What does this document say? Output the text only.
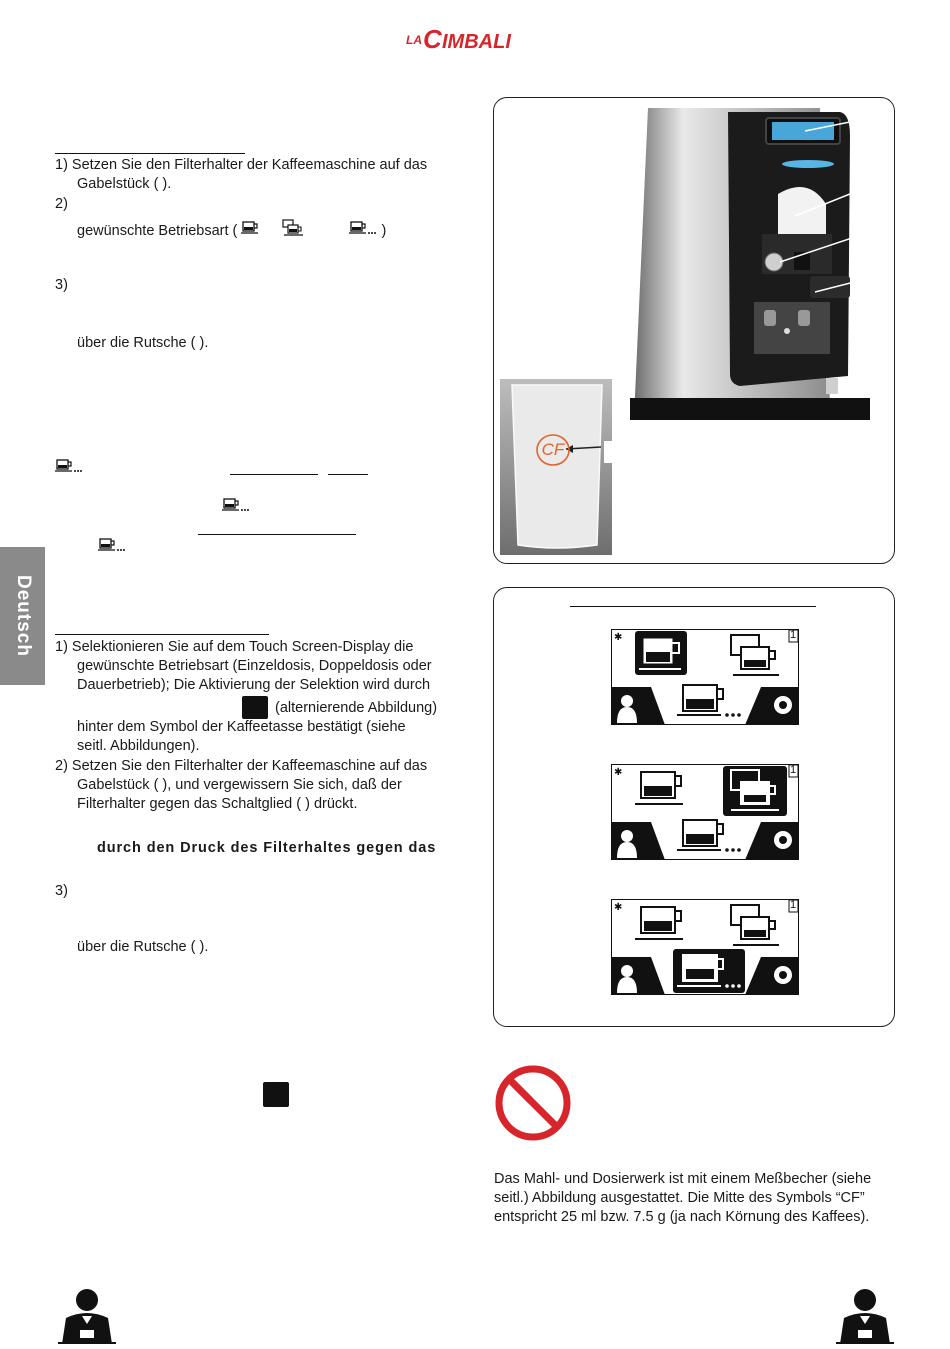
LA C IMBALI
Deutsch
1) Setzen Sie den Filterhalter der Kaffeemaschine auf das
Gabelstück ( ).
2)
gewünschte Betriebsart (	)
3)
über die Rutsche ( ).
1) Selektionieren Sie auf dem Touch Screen-Display die
gewünschte Betriebsart (Einzeldosis, Doppeldosis oder
Dauerbetrieb); Die Aktivierung der Selektion wird durch
(alternierende Abbildung)
hinter dem Symbol der Kaffeetasse bestätigt (siehe
seitl. Abbildungen).
2) Setzen Sie den Filterhalter der Kaffeemaschine auf das
Gabelstück ( ), und vergewissern Sie sich, daß der
Filterhalter gegen das Schaltglied ( ) drückt.
durch den Druck des Filterhaltes gegen das
3)
über die Rutsche ( ).
CF
✱	1
✱	1
✱	1
Das Mahl- und Dosierwerk ist mit einem Meßbecher (siehe
seitl.) Abbildung ausgestattet. Die Mitte des Symbols “CF”
entspricht 25 ml bzw. 7.5 g (ja nach Körnung des Kaffees).
